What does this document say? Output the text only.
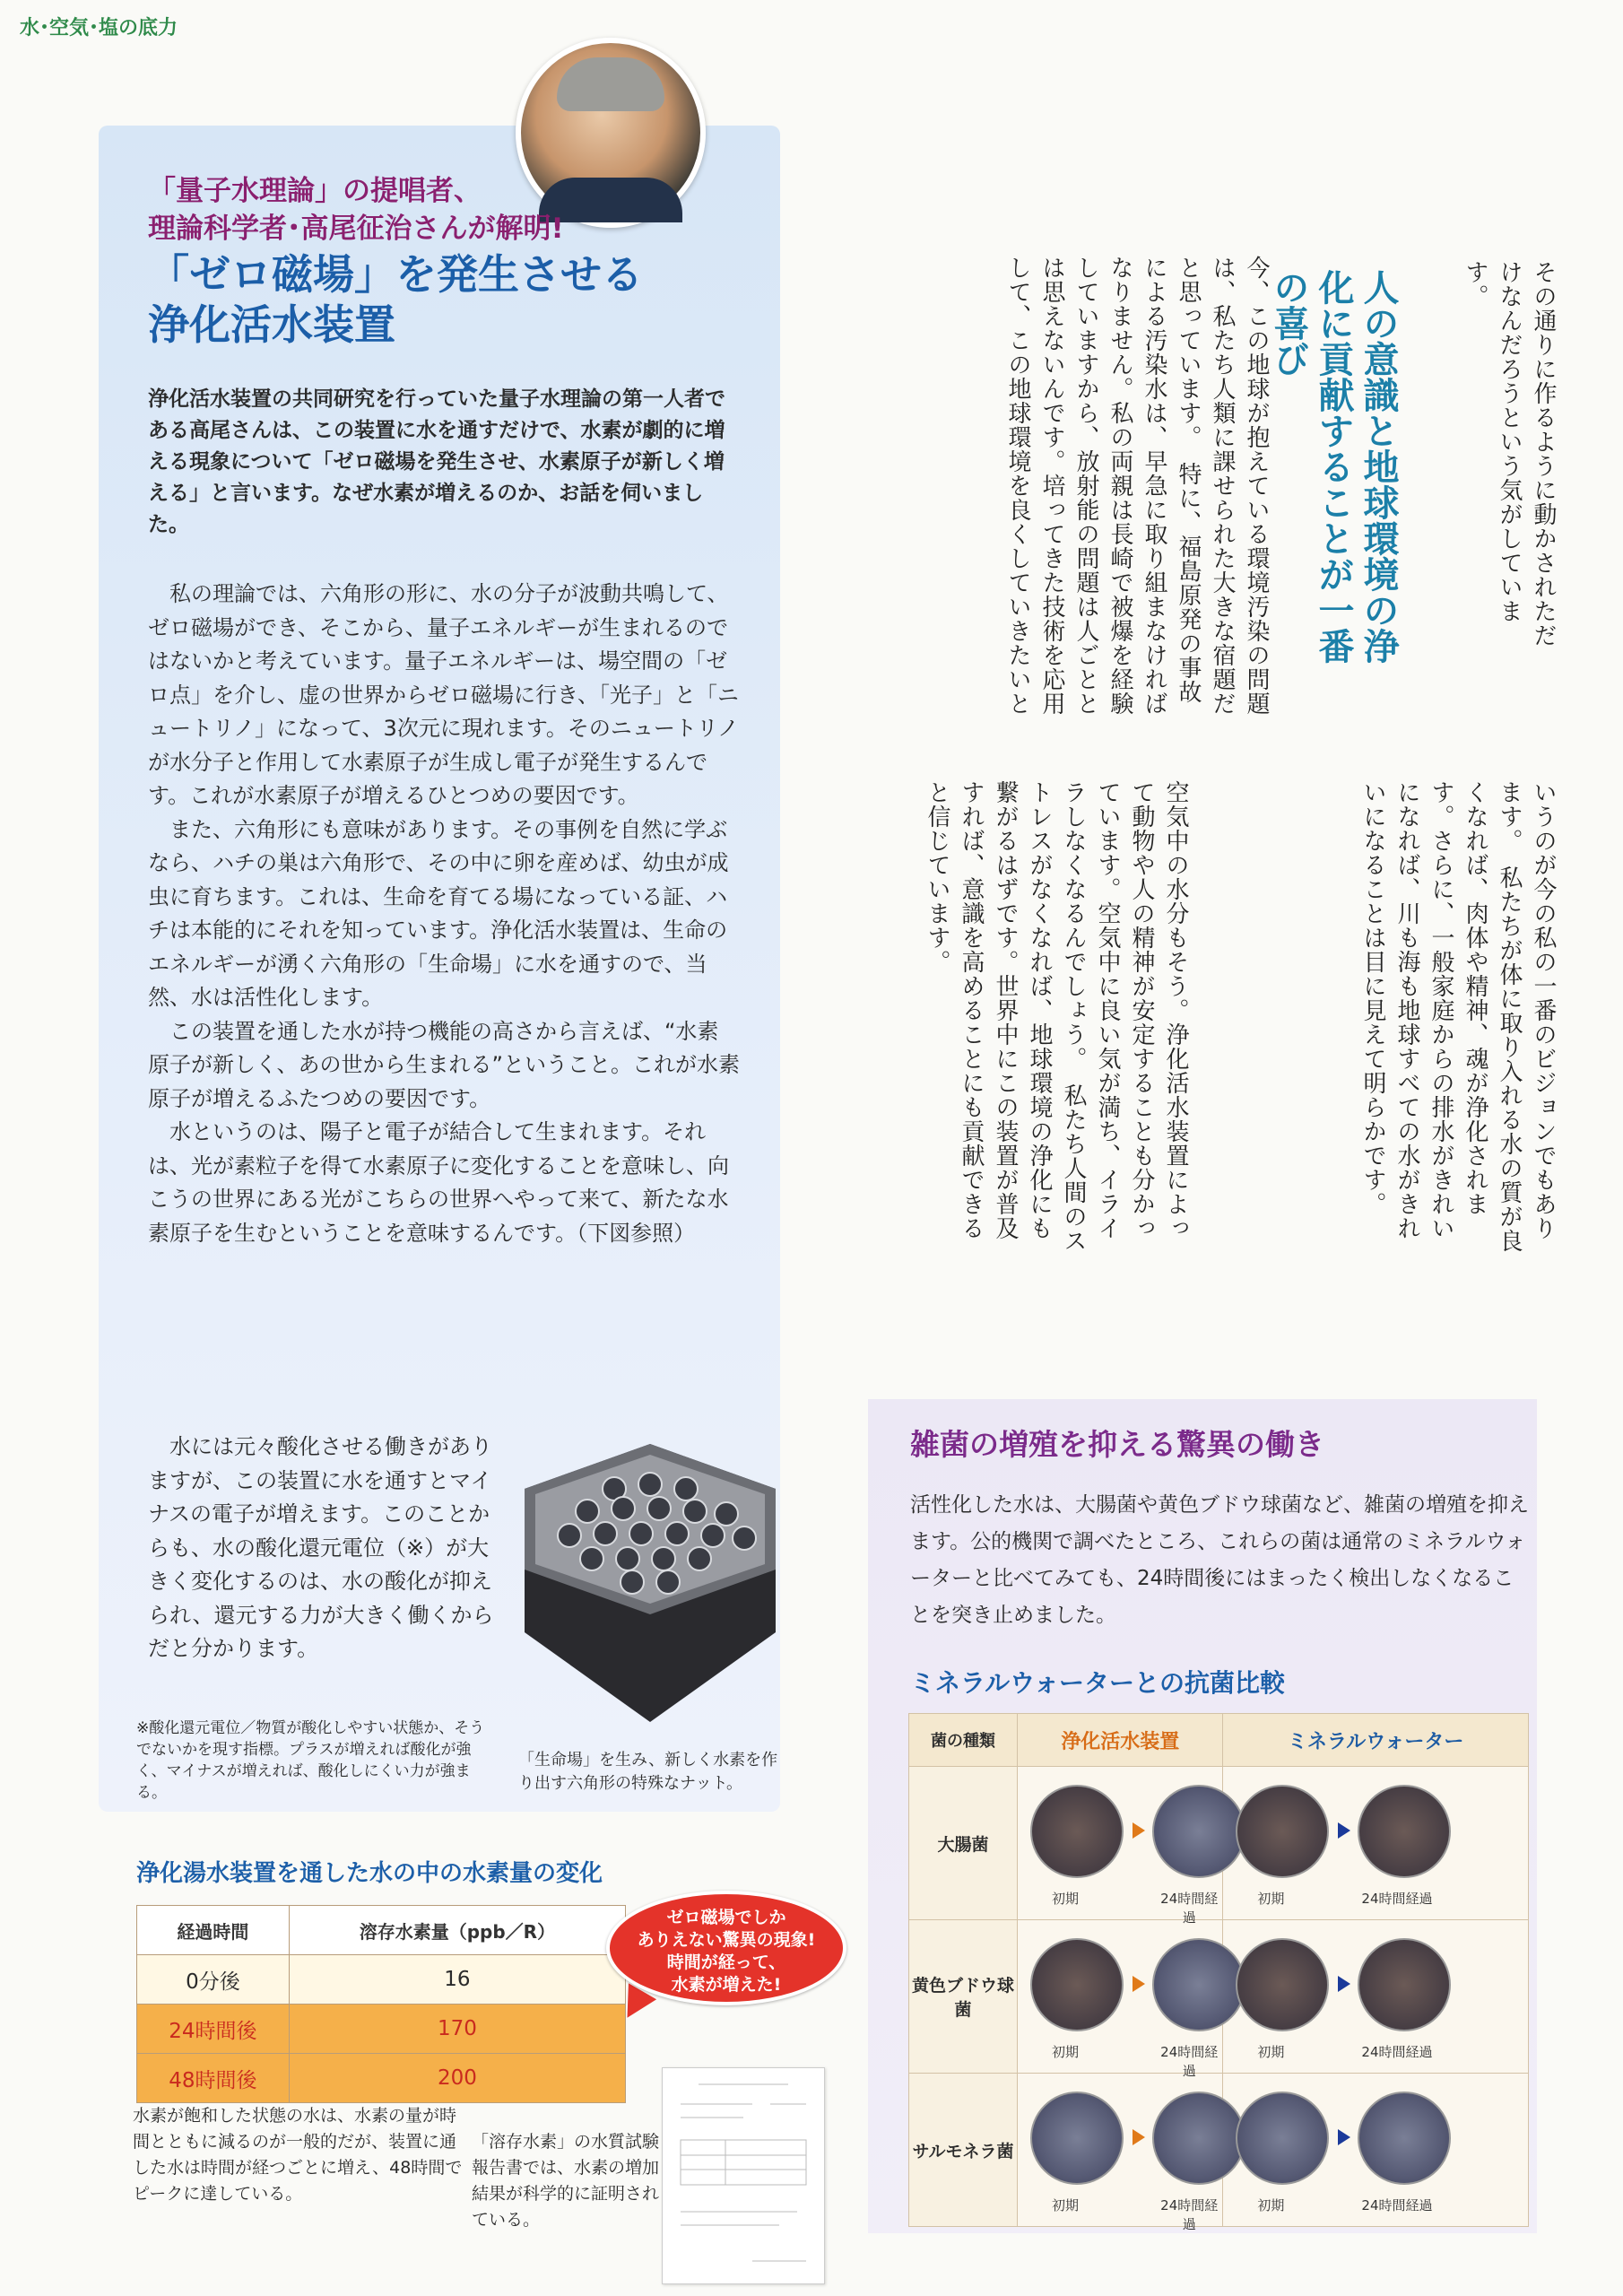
水･空気･塩の底力
「量子水理論」の提唱者、
理論科学者･高尾征治さんが解明!
「ゼロ磁場」を発生させる
浄化活水装置
浄化活水装置の共同研究を行っていた量子水理論の第一人者である高尾さんは、この装置に水を通すだけで、水素が劇的に増える現象について「ゼロ磁場を発生させ、水素原子が新しく増える」と言います。なぜ水素が増えるのか、お話を伺いました。

私の理論では、六角形の形に、水の分子が波動共鳴して、ゼロ磁場ができ、そこから、量子エネルギーが生まれるのではないかと考えています。量子エネルギーは、場空間の「ゼロ点」を介し、虚の世界からゼロ磁場に行き、「光子」と「ニュートリノ」になって、3次元に現れます。そのニュートリノが水分子と作用して水素原子が生成し電子が発生するんです。これが水素原子が増えるひとつめの要因です。

また、六角形にも意味があります。その事例を自然に学ぶなら、ハチの巣は六角形で、その中に卵を産めば、幼虫が成虫に育ちます。これは、生命を育てる場になっている証、ハチは本能的にそれを知っています。浄化活水装置は、生命のエネルギーが湧く六角形の「生命場」に水を通すので、当然、水は活性化します。

この装置を通した水が持つ機能の高さから言えば、“水素原子が新しく、あの世から生まれる”ということ。これが水素原子が増えるふたつめの要因です。

水というのは、陽子と電子が結合して生まれます。それは、光が素粒子を得て水素原子に変化することを意味し、向こうの世界にある光がこちらの世界へやって来て、新たな水素原子を生むということを意味するんです。（下図参照）

水には元々酸化させる働きがありますが、この装置に水を通すとマイナスの電子が増えます。このことからも、水の酸化還元電位（※）が大きく変化するのは、水の酸化が抑えられ、還元する力が大きく働くからだと分かります。

※酸化還元電位／物質が酸化しやすい状態か、そうでないかを現す指標。プラスが増えれば酸化が強く、マイナスが増えれば、酸化しにくい力が強まる。
「生命場」を生み、新しく水素を作り出す六角形の特殊なナット。
その通りに作るように動かされただけなんだろうという気がしています。
いうのが今の私の一番のビジョンでもあります。　私たちが体に取り入れる水の質が良くなれば、肉体や精神、魂が浄化されます。さらに、一般家庭からの排水がきれいになれば、川も海も地球すべての水がきれいになることは目に見えて明らかです。
人の意識と地球環境の浄化に貢献することが一番の喜び
今、この地球が抱えている環境汚染の問題は、私たち人類に課せられた大きな宿題だと思っています。　特に、福島原発の事故による汚染水は、早急に取り組まなければなりません。私の両親は長崎で被爆を経験していますから、放射能の問題は人ごととは思えないんです。培ってきた技術を応用して、この地球環境を良くしていきたいと
空気中の水分もそう。浄化活水装置によって動物や人の精神が安定することも分かっています。空気中に良い気が満ち、イライラしなくなるんでしょう。　私たち人間のストレスがなくなれば、地球環境の浄化にも繋がるはずです。世界中にこの装置が普及すれば、意識を高めることにも貢献できると信じています。
浄化湯水装置を通した水の中の水素量の変化
経過時間	溶存水素量（ppb／R）
0分後	16
24時間後	170
48時間後	200
ゼロ磁場でしか
ありえない驚異の現象!
時間が経って、
水素が増えた!
水素が飽和した状態の水は、水素の量が時間とともに減るのが一般的だが、装置に通した水は時間が経つごとに増え、48時間でピークに達している。
「溶存水素」の水質試験報告書では、水素の増加結果が科学的に証明されている。
雑菌の増殖を抑える驚異の働き
活性化した水は、大腸菌や黄色ブドウ球菌など、雑菌の増殖を抑えます。公的機関で調べたところ、これらの菌は通常のミネラルウォーターと比べてみても、24時間後にはまったく検出しなくなることを突き止めました。
ミネラルウォーターとの抗菌比較
菌の種類	浄化活水装置	ミネラルウォーター
大腸菌	初期 24時間経過	初期 24時間経過

黄色ブドウ球菌	初期 24時間経過	初期 24時間経過

サルモネラ菌	初期 24時間経過	初期 24時間経過
